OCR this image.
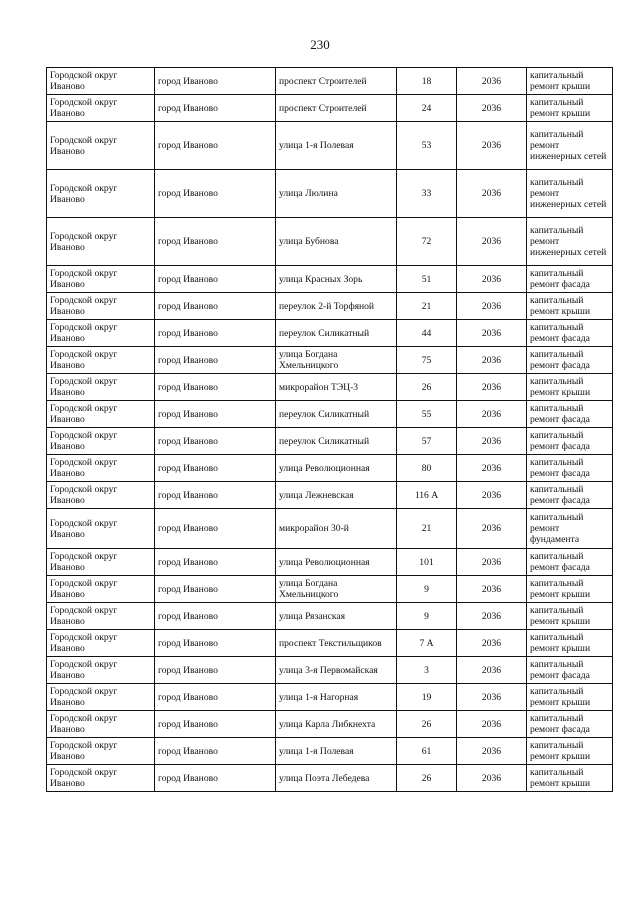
230
Городской округ Иваново	город Иваново	проспект Строителей	18	2036	капитальный ремонт крыши
Городской округ Иваново	город Иваново	проспект Строителей	24	2036	капитальный ремонт крыши
Городской округ Иваново	город Иваново	улица 1-я Полевая	53	2036	капитальный ремонт инженерных сетей
Городской округ Иваново	город Иваново	улица Люлина	33	2036	капитальный ремонт инженерных сетей
Городской округ Иваново	город Иваново	улица Бубнова	72	2036	капитальный ремонт инженерных сетей
Городской округ Иваново	город Иваново	улица Красных Зорь	51	2036	капитальный ремонт фасада
Городской округ Иваново	город Иваново	переулок 2-й Торфяной	21	2036	капитальный ремонт крыши
Городской округ Иваново	город Иваново	переулок Силикатный	44	2036	капитальный ремонт фасада
Городской округ Иваново	город Иваново	улица Богдана Хмельницкого	75	2036	капитальный ремонт фасада
Городской округ Иваново	город Иваново	микрорайон ТЭЦ-3	26	2036	капитальный ремонт крыши
Городской округ Иваново	город Иваново	переулок Силикатный	55	2036	капитальный ремонт фасада
Городской округ Иваново	город Иваново	переулок Силикатный	57	2036	капитальный ремонт фасада
Городской округ Иваново	город Иваново	улица Революционная	80	2036	капитальный ремонт фасада
Городской округ Иваново	город Иваново	улица Лежневская	116 А	2036	капитальный ремонт фасада
Городской округ Иваново	город Иваново	микрорайон 30-й	21	2036	капитальный ремонт фундамента
Городской округ Иваново	город Иваново	улица Революционная	101	2036	капитальный ремонт фасада
Городской округ Иваново	город Иваново	улица Богдана Хмельницкого	9	2036	капитальный ремонт крыши
Городской округ Иваново	город Иваново	улица Рязанская	9	2036	капитальный ремонт крыши
Городской округ Иваново	город Иваново	проспект Текстильщиков	7 А	2036	капитальный ремонт крыши
Городской округ Иваново	город Иваново	улица 3-я Первомайская	3	2036	капитальный ремонт фасада
Городской округ Иваново	город Иваново	улица 1-я Нагорная	19	2036	капитальный ремонт крыши
Городской округ Иваново	город Иваново	улица Карла Либкнехта	26	2036	капитальный ремонт фасада
Городской округ Иваново	город Иваново	улица 1-я Полевая	61	2036	капитальный ремонт крыши
Городской округ Иваново	город Иваново	улица Поэта Лебедева	26	2036	капитальный ремонт крыши
